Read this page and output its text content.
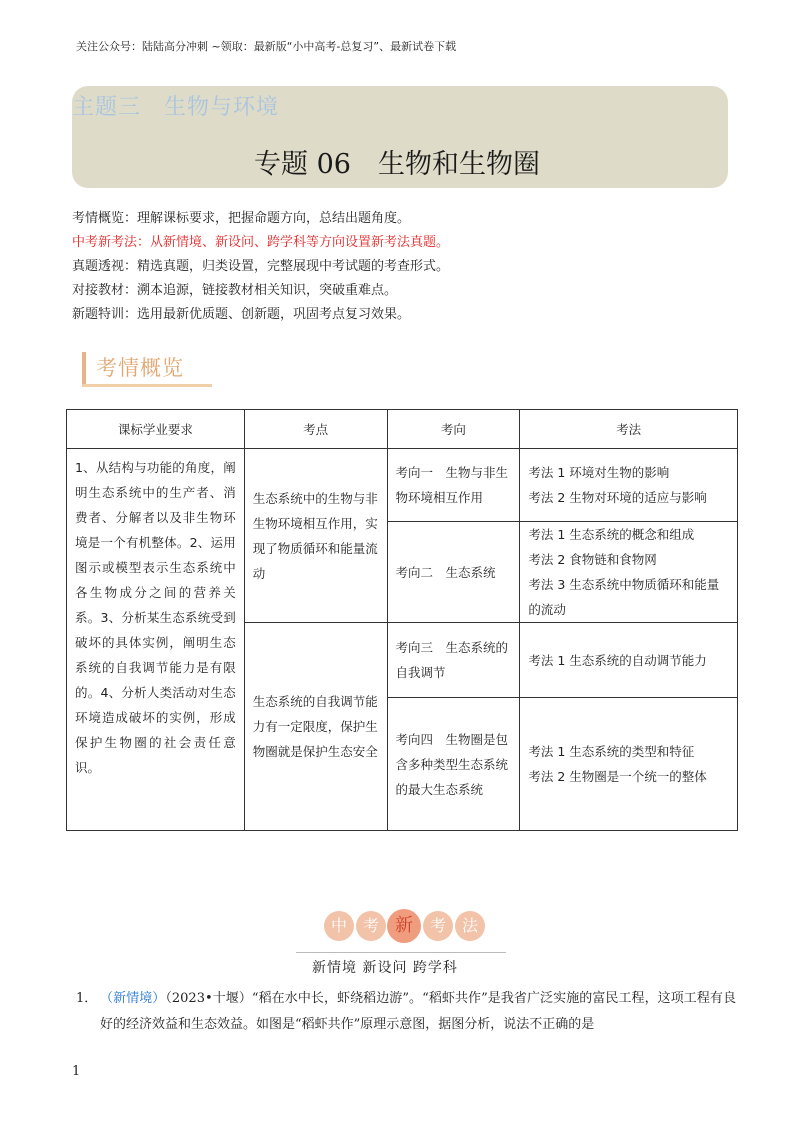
关注公众号：陆陆高分冲刺 ~领取：最新版“小中高考-总复习”、最新试卷下载
主题三　生物与环境
专题 06　生物和生物圈
考情概览：理解课标要求，把握命题方向，总结出题角度。
中考新考法：从新情境、新设问、跨学科等方向设置新考法真题。
真题透视：精选真题，归类设置，完整展现中考试题的考查形式。
对接教材：溯本追源，链接教材相关知识，突破重难点。
新题特训：选用最新优质题、创新题，巩固考点复习效果。
考情概览
课标学业要求	考点	考向	考法
1、从结构与功能的角度，阐明生态系统中的生产者、消费者、分解者以及非生物环境是一个有机整体。2、运用图示或模型表示生态系统中各生物成分之间的营养关系。3、分析某生态系统受到破坏的具体实例，阐明生态系统的自我调节能力是有限的。4、分析人类活动对生态环境造成破坏的实例，形成保护生物圈的社会责任意识。	生态系统中的生物与非生物环境相互作用，实现了物质循环和能量流动	考向一　生物与非生物环境相互作用	考法 1 环境对生物的影响
考法 2 生物对环境的适应与影响

		考向二　生态系统	考法 1 生态系统的概念和组成
考法 2 食物链和食物网
考法 3 生态系统中物质循环和能量的流动

	生态系统的自我调节能力有一定限度，保护生物圈就是保护生态安全	考向三　生态系统的自我调节	考法 1 生态系统的自动调节能力

		考向四　生物圈是包含多种类型生态系统的最大生态系统	考法 1 生态系统的类型和特征
考法 2 生物圈是一个统一的整体
中 考 新	考 法
新情境 新设问 跨学科
1． （新情境）（2023•十堰）“稻在水中长，虾绕稻边游”。“稻虾共作”是我省广泛实施的富民工程，这项工程有良好的经济效益和生态效益。如图是“稻虾共作”原理示意图，据图分析，说法不正确的是
1
